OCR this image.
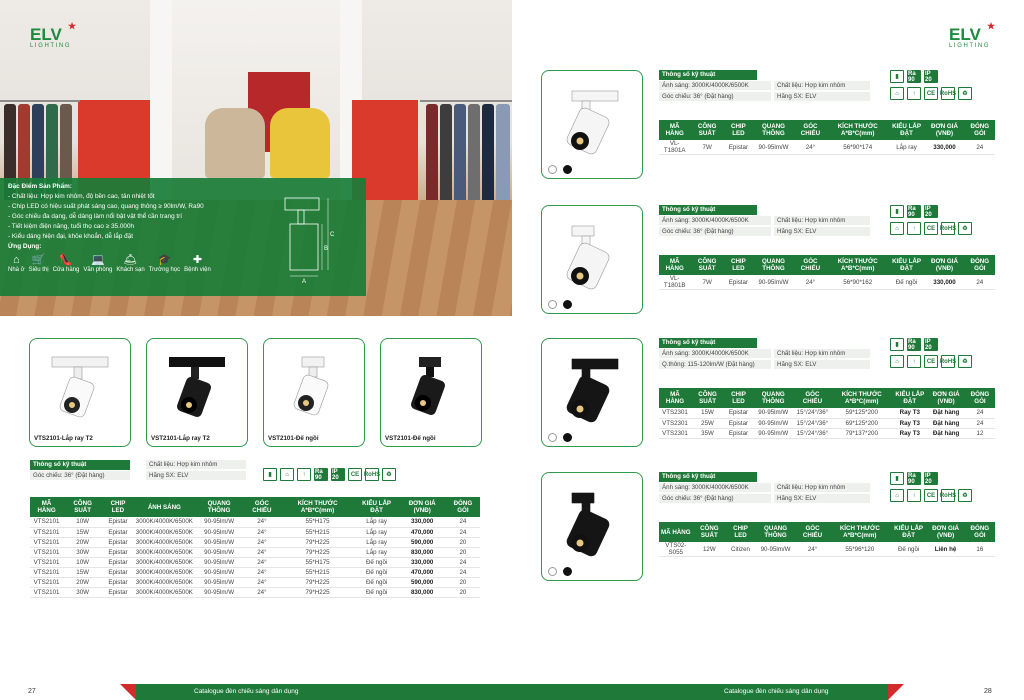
ELV ★
LIGHTING
Đặc Điểm Sản Phẩm:
- Chất liệu: Hợp kim nhôm, độ bền cao, tản nhiệt tốt
- Chip LED có hiệu suất phát sáng cao, quang thông ≥ 90lm/W, Ra90
- Góc chiếu đa dạng, dễ dàng làm nổi bật vật thể cần trang trí
- Tiết kiệm điện năng, tuổi thọ cao ≥ 35.000h
- Kiểu dáng hiện đại, khỏe khoắn, dễ lắp đặt
Ứng Dụng:
⌂
Nhà ở
🛒
Siêu thị
👠
Cửa hàng
💻
Văn phòng
🛎
Khách sạn
🎓
Trường học
✚
Bệnh viện
C
B
A
VTS2101-Lắp ray T2	VST2101-Lắp ray T2	VST2101-Đế ngồi	VST2101-Đế ngồi
Thông số kỹ thuật
Góc chiếu: 36° (Đặt hàng)
Chất liệu: Hợp kim nhôm
Hãng SX: ELV	▮	⌂	↑	Ra 90
IP 20	CE RoHS	♻
MÃ HÀNG	CÔNG SUẤT	CHIP LED	ÁNH SÁNG	QUANG THÔNG	GÓC CHIẾU	KÍCH THƯỚC A*B*C(mm)	KIỂU LẮP ĐẶT	ĐƠN GIÁ (VNĐ)	ĐÓNG GÓI
VTS2101	10W	Epistar	3000K/4000K/6500K	90-95lm/W	24°	55*H175	Lắp ray	330,000	24
VTS2101	15W	Epistar	3000K/4000K/6500K	90-95lm/W	24°	55*H215	Lắp ray	470,000	24
VTS2101	20W	Epistar	3000K/4000K/6500K	90-95lm/W	24°	79*H225	Lắp ray	590,000	20
VTS2101	30W	Epistar	3000K/4000K/6500K	90-95lm/W	24°	79*H225	Lắp ray	830,000	20
VTS2101	10W	Epistar	3000K/4000K/6500K	90-95lm/W	24°	55*H175	Đế ngồi	330,000	24
VTS2101	15W	Epistar	3000K/4000K/6500K	90-95lm/W	24°	55*H215	Đế ngồi	470,000	24
VTS2101	20W	Epistar	3000K/4000K/6500K	90-95lm/W	24°	79*H225	Đế ngồi	590,000	20
VTS2101	30W	Epistar	3000K/4000K/6500K	90-95lm/W	24°	79*H225	Đế ngồi	830,000	20
27	Catalogue đèn chiếu sáng dân dụng
ELV ★
LIGHTING
Thông số kỹ thuật
Ánh sáng: 3000K/4000K/6500K
Góc chiếu: 36° (Đặt hàng)
Chất liệu: Hợp kim nhôm
Hãng SX: ELV
▮
Ra 90
IP 20
⌂	↑	CE RoHS	♻
MÃ HÀNG	CÔNG SUẤT	CHIP LED	QUANG THÔNG	GÓC CHIẾU	KÍCH THƯỚC A*B*C(mm)	KIỂU LẮP ĐẶT	ĐƠN GIÁ (VNĐ)	ĐÓNG GÓI
VL-T1801A	7W	Epistar	90-95lm/W	24°	56*90*174	Lắp ray	330,000	24
Thông số kỹ thuật
Ánh sáng: 3000K/4000K/6500K
Góc chiếu: 36° (Đặt hàng)
Chất liệu: Hợp kim nhôm
Hãng SX: ELV
▮
Ra 90
IP 20
⌂	↑	CE RoHS	♻
MÃ HÀNG	CÔNG SUẤT	CHIP LED	QUANG THÔNG	GÓC CHIẾU	KÍCH THƯỚC A*B*C(mm)	KIỂU LẮP ĐẶT	ĐƠN GIÁ (VNĐ)	ĐÓNG GÓI
VL-T1801B	7W	Epistar	90-95lm/W	24°	56*90*162	Đế ngồi	330,000	24
Thông số kỹ thuật
Ánh sáng: 3000K/4000K/6500K
Q.thông: 115-120lm/W (Đặt hàng)
Chất liệu: Hợp kim nhôm
Hãng SX: ELV
▮
Ra 90
IP 20
⌂	↑	CE RoHS	♻
MÃ HÀNG	CÔNG SUẤT	CHIP LED	QUANG THÔNG	GÓC CHIẾU	KÍCH THƯỚC A*B*C(mm)	KIỂU LẮP ĐẶT	ĐƠN GIÁ (VNĐ)	ĐÓNG GÓI
VTS2301	15W	Epistar	90-95lm/W	15°/24°/36°	59*125*200	Ray T3	Đặt hàng	24
VTS2301	25W	Epistar	90-95lm/W	15°/24°/36°	69*125*200	Ray T3	Đặt hàng	24
VTS2301	35W	Epistar	90-95lm/W	15°/24°/36°	79*137*200	Ray T3	Đặt hàng	12
Thông số kỹ thuật
Ánh sáng: 3000K/4000K/6500K
Góc chiếu: 36° (Đặt hàng)
Chất liệu: Hợp kim nhôm
Hãng SX: ELV
▮
Ra 90
IP 20
⌂	↑	CE RoHS	♻
MÃ HÀNG	CÔNG SUẤT	CHIP LED	QUANG THÔNG	GÓC CHIẾU	KÍCH THƯỚC A*B*C(mm)	KIỂU LẮP ĐẶT	ĐƠN GIÁ (VNĐ)	ĐÓNG GÓI
VTS02-S055	12W	Citizen	90-95lm/W	24°	55*96*120	Đế ngồi	Liên hệ	16
Catalogue đèn chiếu sáng dân dụng	28
